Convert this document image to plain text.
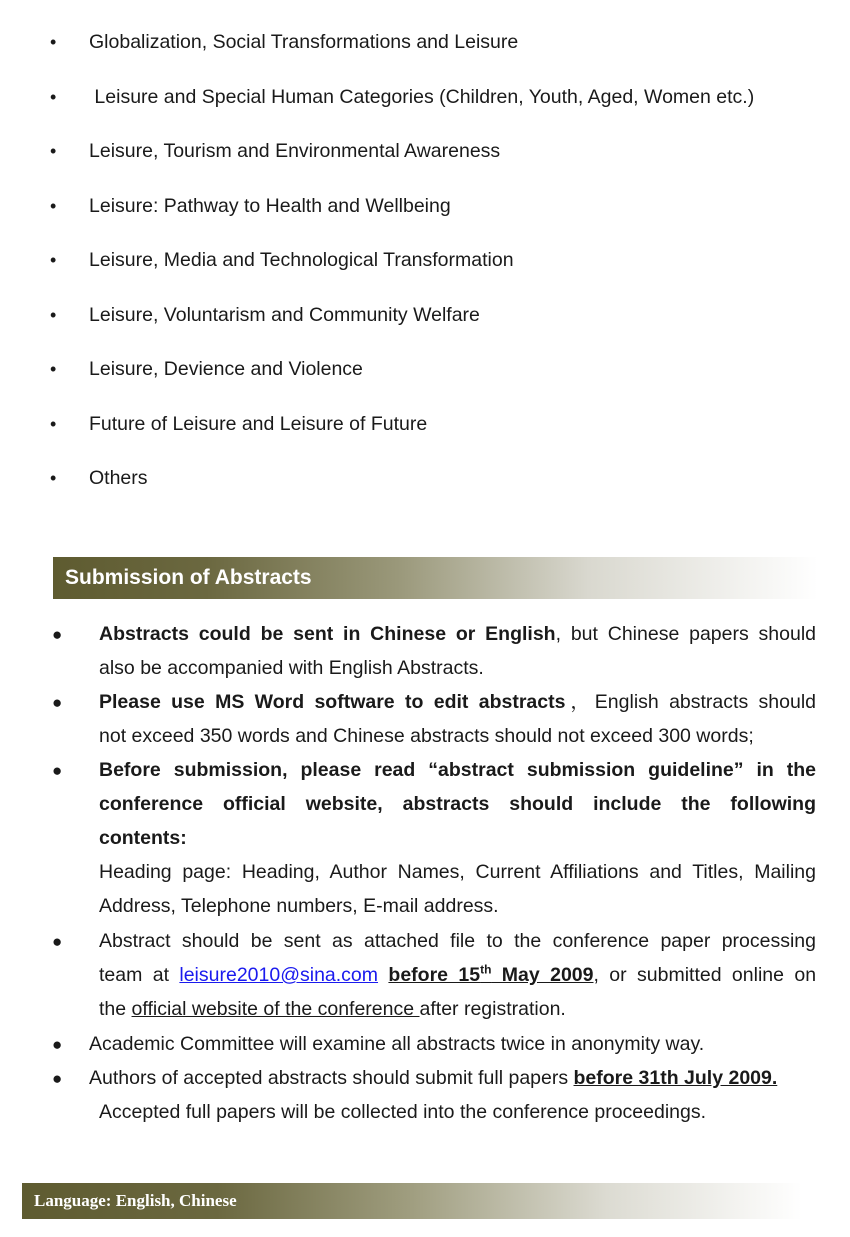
• Globalization, Social Transformations and Leisure
• Leisure and Special Human Categories (Children, Youth, Aged, Women etc.)
• Leisure, Tourism and Environmental Awareness
• Leisure: Pathway to Health and Wellbeing
• Leisure, Media and Technological Transformation
• Leisure, Voluntarism and Community Welfare
• Leisure, Devience and Violence
• Future of Leisure and Leisure of Future
• Others
Submission of Abstracts
● Abstracts could be sent in Chinese or English, but Chinese papers should
also be accompanied with English Abstracts.
● Please use MS Word software to edit abstracts，English abstracts should
not exceed 350 words and Chinese abstracts should not exceed 300 words;
● Before submission, please read “abstract submission guideline” in the
conference official website, abstracts should include the following
contents:
Heading page: Heading, Author Names, Current Affiliations and Titles, Mailing
Address, Telephone numbers, E-mail address.
● Abstract should be sent as attached file to the conference paper processing
team at leisure2010@sina.com before 15th May 2009, or submitted online on
the official website of the conference after registration.
● Academic Committee will examine all abstracts twice in anonymity way.
● Authors of accepted abstracts should submit full papers before 31th July 2009.
Accepted full papers will be collected into the conference proceedings.
Language: English, Chinese
